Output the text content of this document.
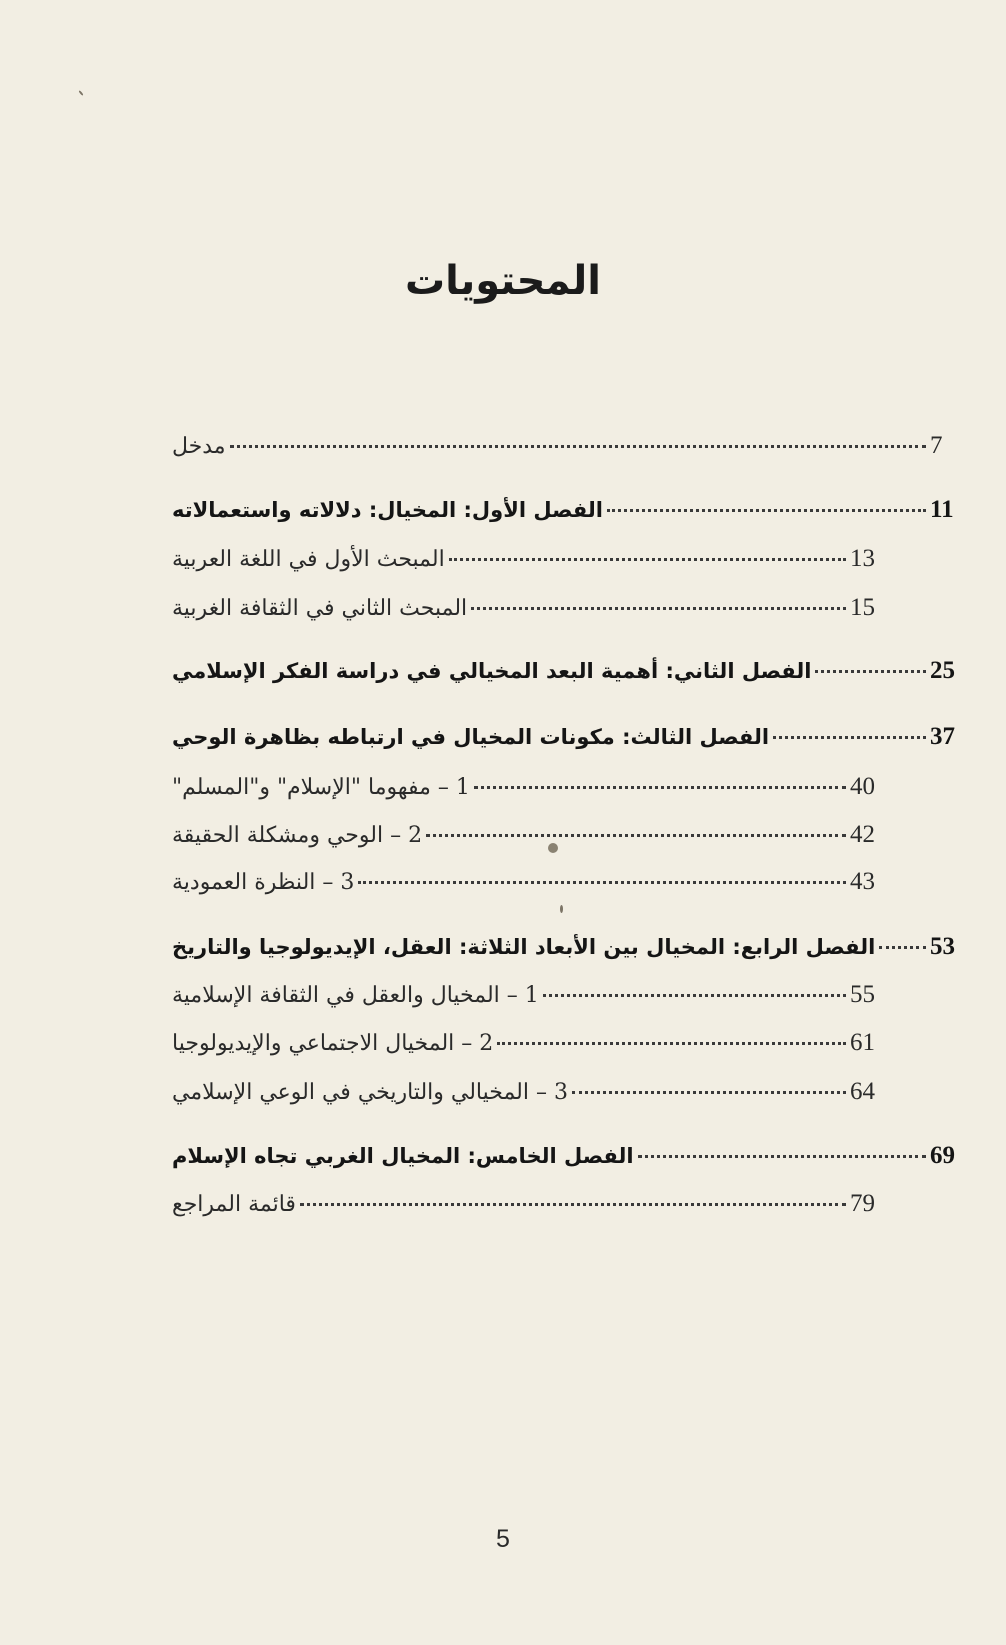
المحتويات
مدخل	7
الفصل الأول: المخيال: دلالاته واستعمالاته	11
المبحث الأول في اللغة العربية	13
المبحث الثاني في الثقافة الغربية	15
الفصل الثاني: أهمية البعد المخيالي في دراسة الفكر الإسلامي	25
الفصل الثالث: مكونات المخيال في ارتباطه بظاهرة الوحي	37
1 – مفهوما "الإسلام" و"المسلم"	40
2 – الوحي ومشكلة الحقيقة	42
3 – النظرة العمودية	43
الفصل الرابع: المخيال بين الأبعاد الثلاثة: العقل، الإيديولوجيا والتاريخ 53
1 – المخيال والعقل في الثقافة الإسلامية	55
2 – المخيال الاجتماعي والإيديولوجيا	61
3 – المخيالي والتاريخي في الوعي الإسلامي	64
الفصل الخامس: المخيال الغربي تجاه الإسلام	69
قائمة المراجع	79
5
